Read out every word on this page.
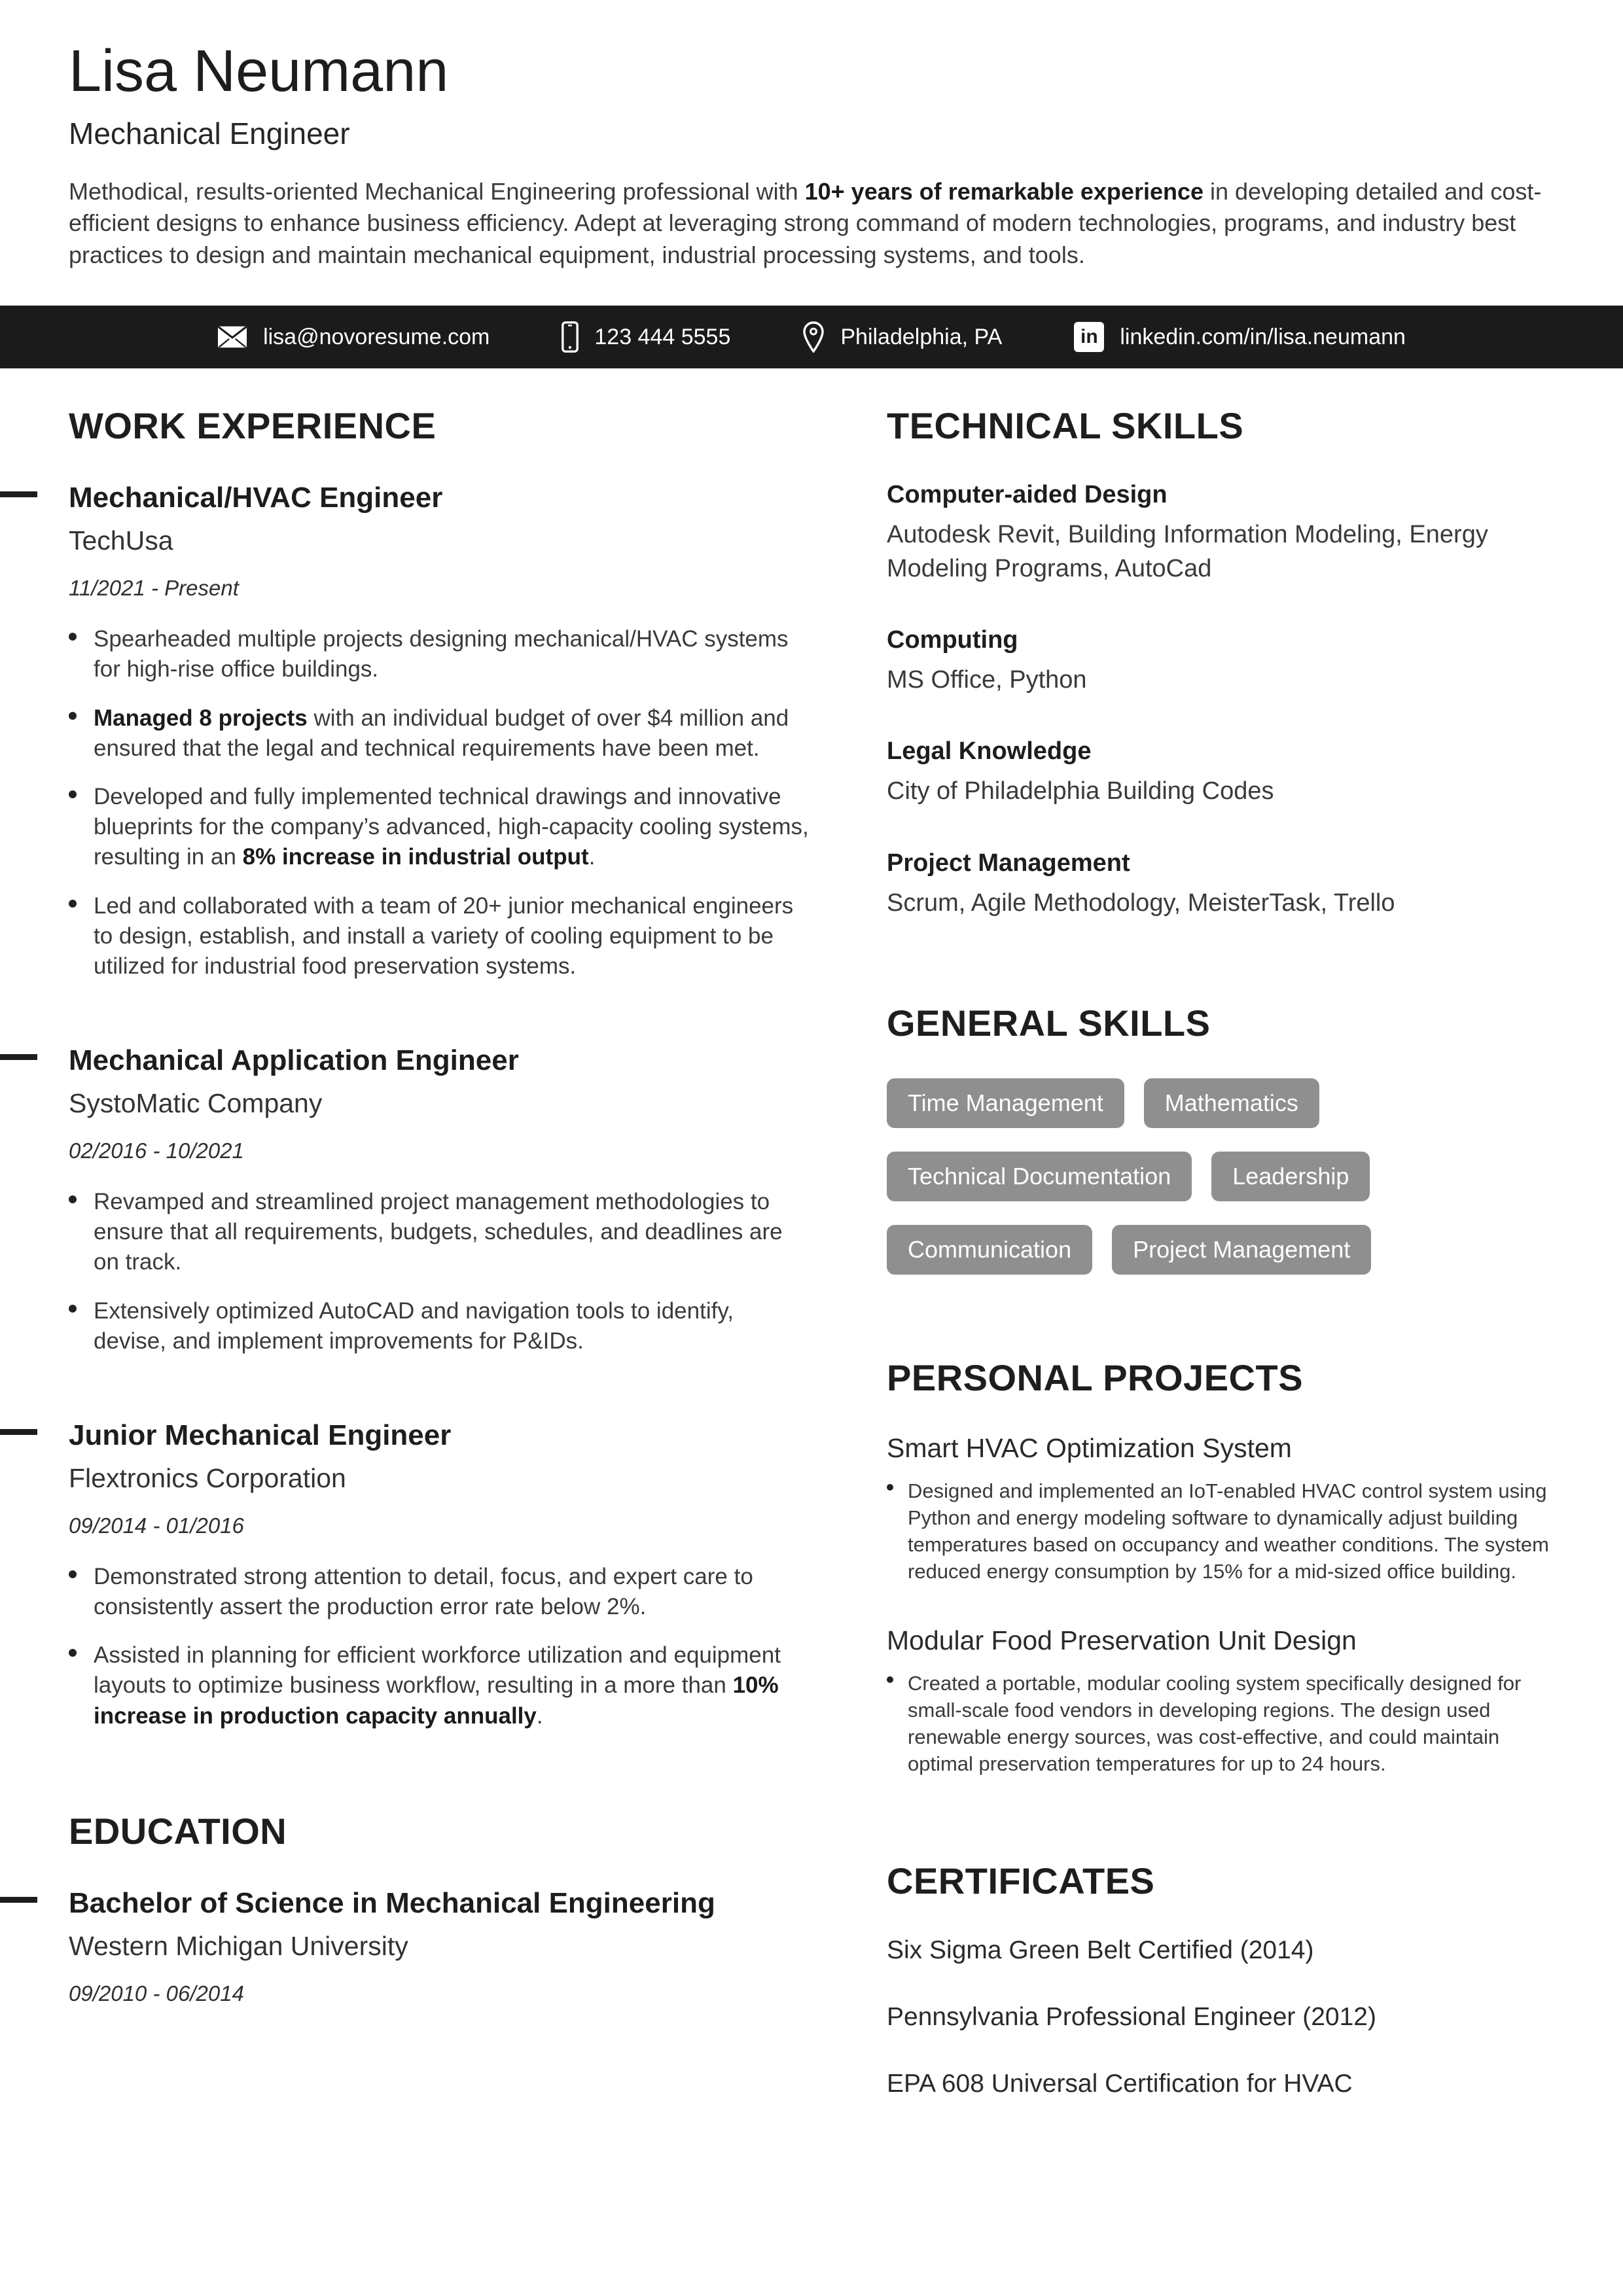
Lisa Neumann
Mechanical Engineer

Methodical, results-oriented Mechanical Engineering professional with 10+ years of remarkable experience in developing detailed and cost-efficient designs to enhance business efficiency. Adept at leveraging strong command of modern technologies, programs, and industry best practices to design and maintain mechanical equipment, industrial processing systems, and tools.

lisa@novoresume.com	123 444 5555	Philadelphia, PA	in linkedin.com/in/lisa.neumann
WORK EXPERIENCE
Mechanical/HVAC Engineer
TechUsa
11/2021 - Present

Spearheaded multiple projects designing mechanical/HVAC systems for high-rise office buildings.

Managed 8 projects with an individual budget of over $4 million and ensured that the legal and technical requirements have been met.

Developed and fully implemented technical drawings and innovative blueprints for the company’s advanced, high-capacity cooling systems, resulting in an 8% increase in industrial output.

Led and collaborated with a team of 20+ junior mechanical engineers to design, establish, and install a variety of cooling equipment to be utilized for industrial food preservation systems.

Mechanical Application Engineer
SystoMatic Company
02/2016 - 10/2021

Revamped and streamlined project management methodologies to ensure that all requirements, budgets, schedules, and deadlines are on track.

Extensively optimized AutoCAD and navigation tools to identify, devise, and implement improvements for P&IDs.

Junior Mechanical Engineer
Flextronics Corporation
09/2014 - 01/2016

Demonstrated strong attention to detail, focus, and expert care to consistently assert the production error rate below 2%.

Assisted in planning for efficient workforce utilization and equipment layouts to optimize business workflow, resulting in a more than 10% increase in production capacity annually.

EDUCATION
Bachelor of Science in Mechanical Engineering
Western Michigan University
09/2010 - 06/2014
TECHNICAL SKILLS
Computer-aided Design

Autodesk Revit, Building Information Modeling, Energy Modeling Programs, AutoCad

Computing

MS Office, Python

Legal Knowledge

City of Philadelphia Building Codes

Project Management

Scrum, Agile Methodology, MeisterTask, Trello

GENERAL SKILLS
Time Management	Mathematics
Technical Documentation	Leadership
Communication	Project Management
PERSONAL PROJECTS
Smart HVAC Optimization System

Designed and implemented an IoT-enabled HVAC control system using Python and energy modeling software to dynamically adjust building temperatures based on occupancy and weather conditions. The system reduced energy consumption by 15% for a mid-sized office building.

Modular Food Preservation Unit Design

Created a portable, modular cooling system specifically designed for small-scale food vendors in developing regions. The design used renewable energy sources, was cost-effective, and could maintain optimal preservation temperatures for up to 24 hours.

CERTIFICATES
Six Sigma Green Belt Certified (2014)
Pennsylvania Professional Engineer (2012)
EPA 608 Universal Certification for HVAC
